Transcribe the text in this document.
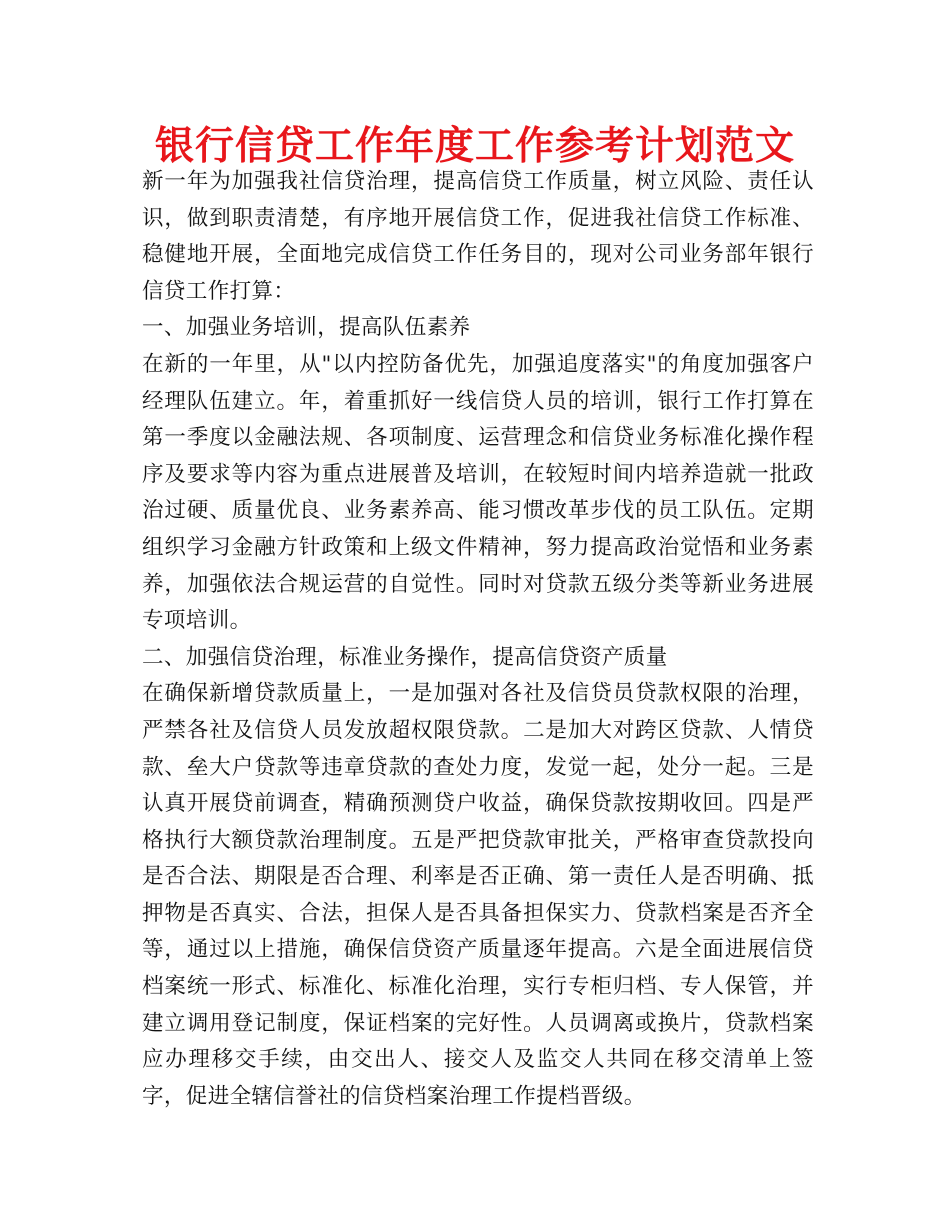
银行信贷工作年度工作参考计划范文

新一年为加强我社信贷治理，提高信贷工作质量，树立风险、责任认识，做到职责清楚，有序地开展信贷工作，促进我社信贷工作标准、稳健地开展，全面地完成信贷工作任务目的，现对公司业务部年银行信贷工作打算：

一、加强业务培训，提高队伍素养

在新的一年里，从"以内控防备优先，加强追度落实"的角度加强客户经理队伍建立。年，着重抓好一线信贷人员的培训，银行工作打算在第一季度以金融法规、各项制度、运营理念和信贷业务标准化操作程序及要求等内容为重点进展普及培训，在较短时间内培养造就一批政治过硬、质量优良、业务素养高、能习惯改革步伐的员工队伍。定期组织学习金融方针政策和上级文件精神，努力提高政治觉悟和业务素养，加强依法合规运营的自觉性。同时对贷款五级分类等新业务进展专项培训。

二、加强信贷治理，标准业务操作，提高信贷资产质量

在确保新增贷款质量上，一是加强对各社及信贷员贷款权限的治理，严禁各社及信贷人员发放超权限贷款。二是加大对跨区贷款、人情贷款、垒大户贷款等违章贷款的查处力度，发觉一起，处分一起。三是认真开展贷前调查，精确预测贷户收益，确保贷款按期收回。四是严格执行大额贷款治理制度。五是严把贷款审批关，严格审查贷款投向是否合法、期限是否合理、利率是否正确、第一责任人是否明确、抵押物是否真实、合法，担保人是否具备担保实力、贷款档案是否齐全等，通过以上措施，确保信贷资产质量逐年提高。六是全面进展信贷档案统一形式、标准化、标准化治理，实行专柜归档、专人保管，并建立调用登记制度，保证档案的完好性。人员调离或换片，贷款档案应办理移交手续，由交出人、接交人及监交人共同在移交清单上签字，促进全辖信誉社的信贷档案治理工作提档晋级。
